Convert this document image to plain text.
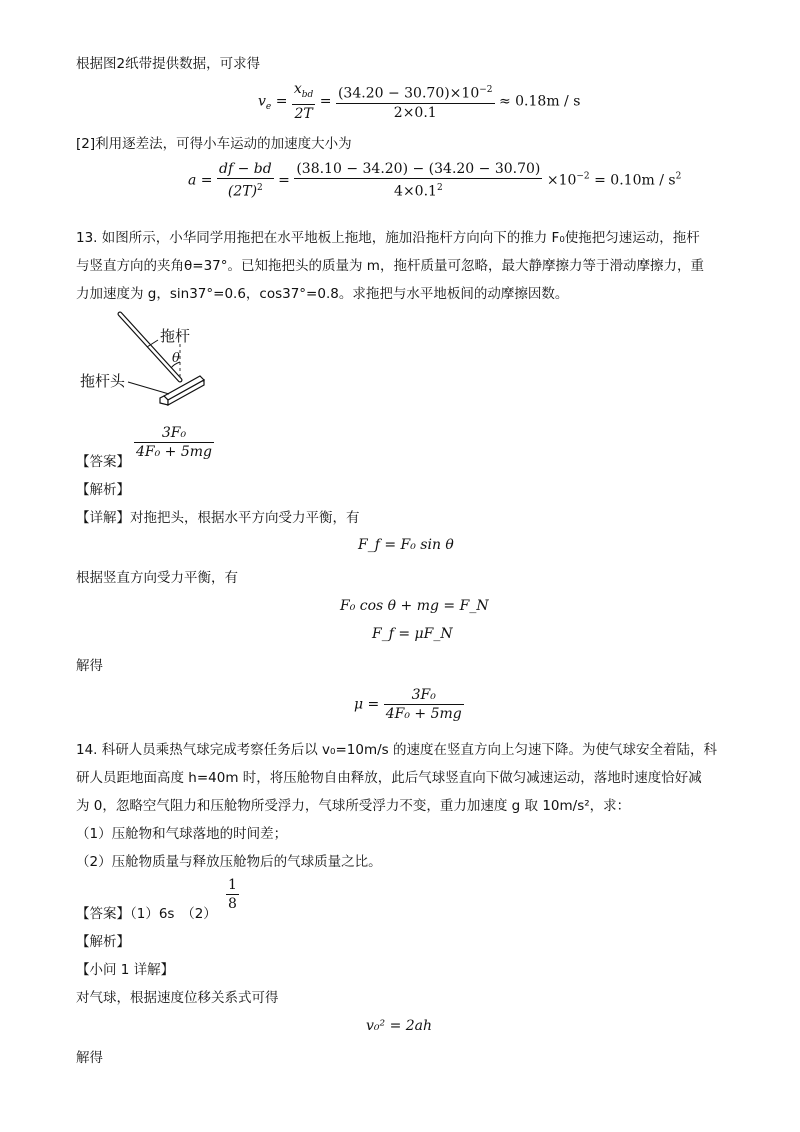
根据图2纸带提供数据，可求得
$v_e = \frac{x_{bd}}{2T} = \frac{(34.20 - 30.70)\times 10^{-2}}{2\times 0.1} \approx 0.18m / s$
[2]利用逐差法，可得小车运动的加速度大小为
$a = \frac{df - bd}{(2T)^2} = \frac{(38.10 - 34.20) - (34.20 - 30.70)}{4\times 0.1^2} \times 10^{-2} = 0.10m / s^2$
13. 如图所示，小华同学用拖把在水平地板上拖地，施加沿拖杆方向向下的推力 F₀使拖把匀速运动，拖杆
与竖直方向的夹角θ=37°。已知拖把头的质量为 m，拖杆质量可忽略，最大静摩擦力等于滑动摩擦力，重
力加速度为 g，sin37°=0.6，cos37°=0.8。求拖把与水平地板间的动摩擦因数。
拖杆
拖杆头
θ
【答案】
$\frac{\text{3F₀}}{\text{4F₀ + 5mg}}$
【解析】
【详解】对拖把头，根据水平方向受力平衡，有
F_f = F₀ sin θ
根据竖直方向受力平衡，有
F₀ cos θ + mg = F_N
F_f = μF_N
解得
$\mu = \frac{\text{3F₀}}{\text{4F₀ + 5mg}}$
14. 科研人员乘热气球完成考察任务后以 v₀=10m/s 的速度在竖直方向上匀速下降。为使气球安全着陆，科
研人员距地面高度 h=40m 时，将压舱物自由释放，此后气球竖直向下做匀减速运动，落地时速度恰好减
为 0，忽略空气阻力和压舱物所受浮力，气球所受浮力不变，重力加速度 g 取 10m/s²，求：
（1）压舱物和气球落地的时间差；
（2）压舱物质量与释放压舱物后的气球质量之比。
【答案】（1）6s　（2）
$\frac{1}{8}$
【解析】
【小问 1 详解】
对气球，根据速度位移关系式可得
v₀² = 2ah
解得
